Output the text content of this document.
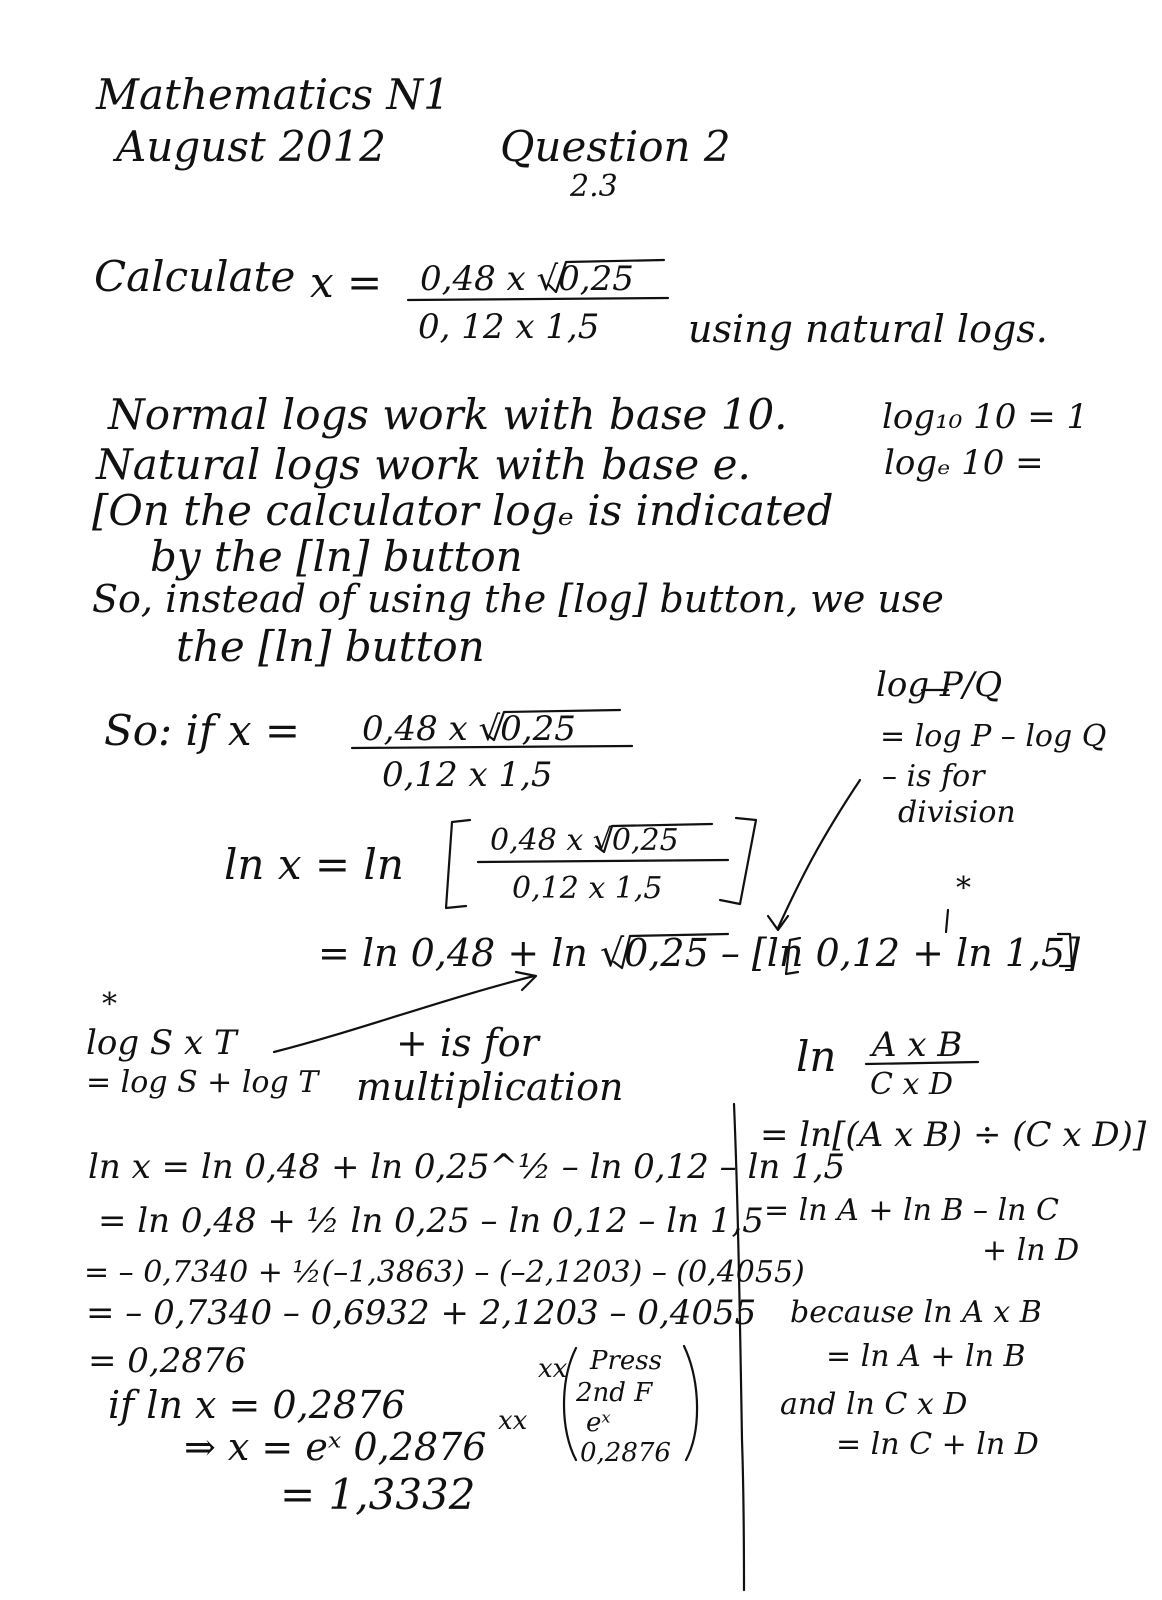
Mathematics N1
August 2012	Question 2
2.3
Calculate x = 0,48 x √0,25
0, 12 x 1,5 using natural logs.
Normal logs work with base 10.	log₁₀ 10 = 1
Natural logs work with base e.	logₑ 10 =
[On the calculator logₑ is indicated
by the [ln] button
So, instead of using the [log] button, we use
the [ln] button
log P/Q
= log P – log Q
– is for
division
So: if x = 0,48 x √0,25
0,12 x 1,5
ln x = ln	0,48 x √0,25
0,12 x 1,5	*
= ln 0,48 + ln √0,25 – [ln 0,12 + ln 1,5]
*
log S x T
= log S + log T
+ is for
multiplication
ln x = ln 0,48 + ln 0,25^½ – ln 0,12 – ln 1,5
= ln 0,48 + ½ ln 0,25 – ln 0,12 – ln 1,5
= – 0,7340 + ½(–1,3863) – (–2,1203) – (0,4055)
= – 0,7340 – 0,6932 + 2,1203 – 0,4055
= 0,2876
if ln x = 0,2876
⇒ x = eˣ 0,2876
= 1,3332
xx
xx
Press
2nd F
eˣ
0,2876
ln A x B
C x D
= ln[(A x B) ÷ (C x D)]
= ln A + ln B – ln C
+ ln D
because ln A x B
= ln A + ln B
and ln C x D
= ln C + ln D
